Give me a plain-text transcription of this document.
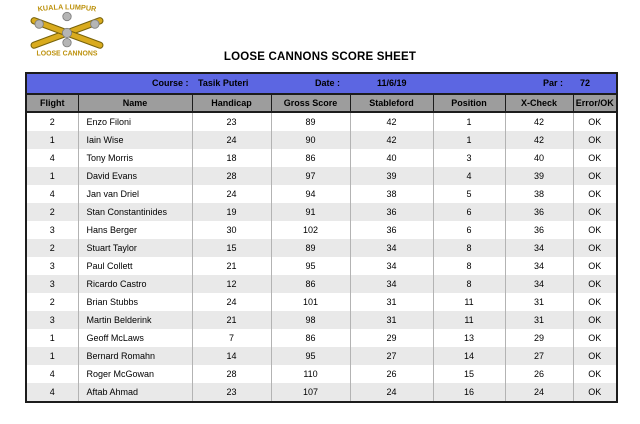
KUALA LUMPUR
LOOSE CANNONS	LOOSE CANNONS SCORE SHEET
Course : Tasik Puteri	Date :	11/6/19	Par : 72
Flight	Name	Handicap	Gross Score	Stableford	Position	X-Check	Error/OK
2	Enzo Filoni	23	89	42	1	42	OK
1	Iain Wise	24	90	42	1	42	OK
4	Tony Morris	18	86	40	3	40	OK
1	David Evans	28	97	39	4	39	OK
4	Jan van Driel	24	94	38	5	38	OK
2	Stan Constantinides	19	91	36	6	36	OK
3	Hans Berger	30	102	36	6	36	OK
2	Stuart Taylor	15	89	34	8	34	OK
3	Paul Collett	21	95	34	8	34	OK
3	Ricardo Castro	12	86	34	8	34	OK
2	Brian Stubbs	24	101	31	11	31	OK
3	Martin Belderink	21	98	31	11	31	OK
1	Geoff McLaws	7	86	29	13	29	OK
1	Bernard Romahn	14	95	27	14	27	OK
4	Roger McGowan	28	110	26	15	26	OK
4	Aftab Ahmad	23	107	24	16	24	OK
